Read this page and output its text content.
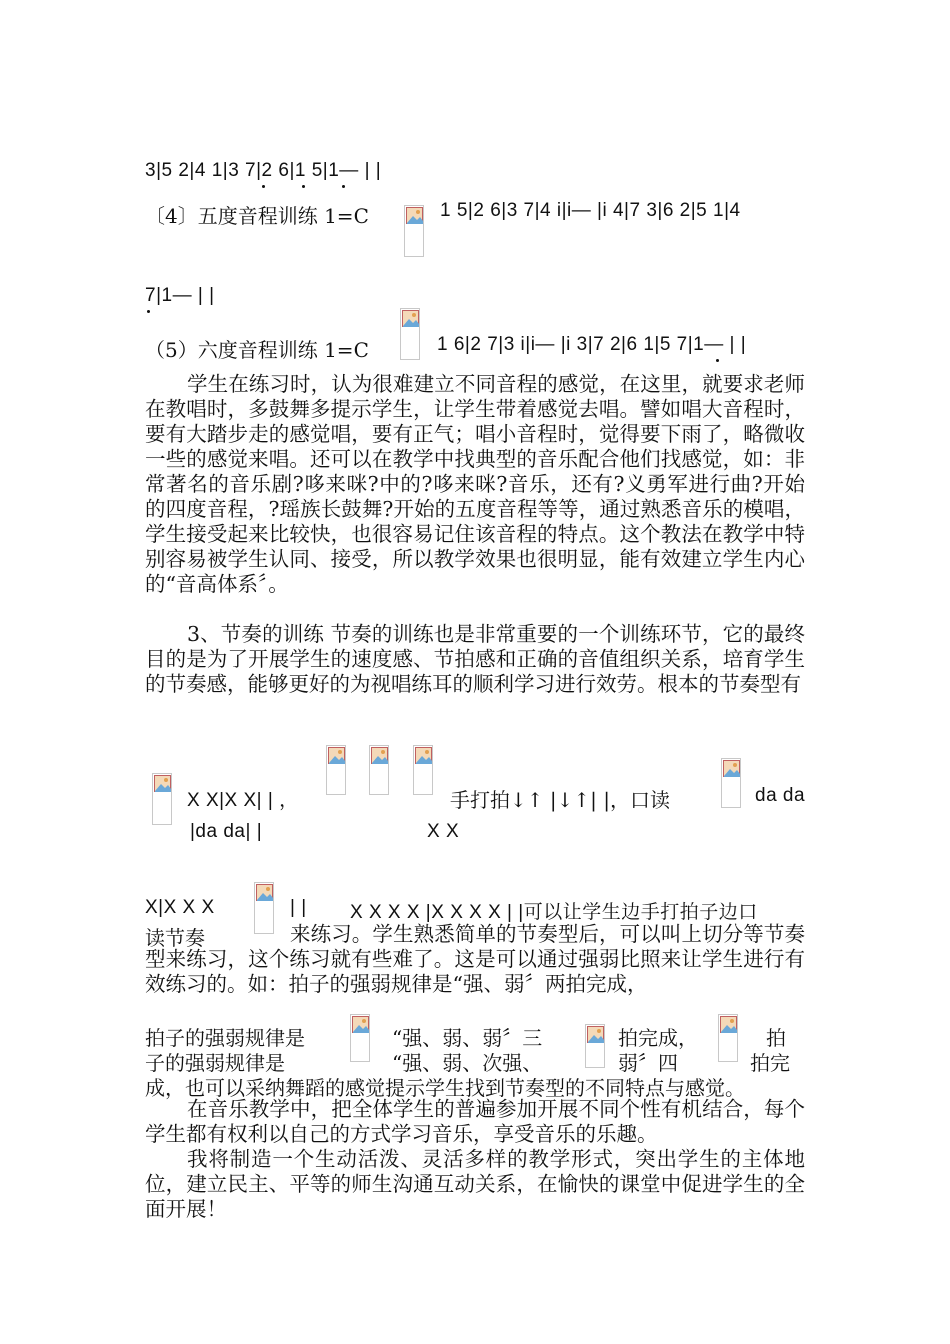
3|5 2|4 1|3 7|2 6|1 5|1— | |
〔4〕五度音程训练 1=C	1 5|2 6|3 7|4 i|i— |i 4|7 3|6 2|5 1|4
7|1— | |
（5）六度音程训练 1=C	1 6|2 7|3 i|i— |i 3|7 2|6 1|5 7|1— | |
学生在练习时，认为很难建立不同音程的感觉，在这里，就要求老师在教唱时，多鼓舞多提示学生，让学生带着感觉去唱。譬如唱大音程时，要有大踏步走的感觉唱，要有正气；唱小音程时，觉得要下雨了，略微收一些的感觉来唱。还可以在教学中找典型的音乐配合他们找感觉，如：非常著名的音乐剧?哆来咪?中的?哆来咪?音乐，还有?义勇军进行曲?开始的四度音程，?瑶族长鼓舞?开始的五度音程等等，通过熟悉音乐的模唱，学生接受起来比较快，也很容易记住该音程的特点。这个教法在教学中特别容易被学生认同、接受，所以教学效果也很明显，能有效建立学生内心的“音高体系〞。
3、节奏的训练 节奏的训练也是非常重要的一个训练环节，它的最终目的是为了开展学生的速度感、节拍感和正确的音值组织关系，培育学生的节奏感，能够更好的为视唱练耳的顺利学习进行效劳。根本的节奏型有
X X|X X| | ，	手打拍↓↑ |↓↑| |，口读	da da
|da da| |	X X
X|X X X	| | X X X X |X X X X | |可以让学生边手打拍子边口
读节奏	来练习。学生熟悉简单的节奏型后，可以叫上切分等节奏型来练习，这个练习就有些难了。这是可以通过强弱比照来让学生进行有效练习的。如：拍子的强弱规律是“强、弱〞两拍完成，
拍子的强弱规律是	“强、弱、弱〞三	拍完成，	拍
子的强弱规律是	“强、弱、次强、	弱〞四	拍完
成，也可以采纳舞蹈的感觉提示学生找到节奏型的不同特点与感觉。
在音乐教学中，把全体学生的普遍参加开展不同个性有机结合，每个学生都有权利以自己的方式学习音乐，享受音乐的乐趣。
我将制造一个生动活泼、灵活多样的教学形式，突出学生的主体地位，建立民主、平等的师生沟通互动关系，在愉快的课堂中促进学生的全面开展！
